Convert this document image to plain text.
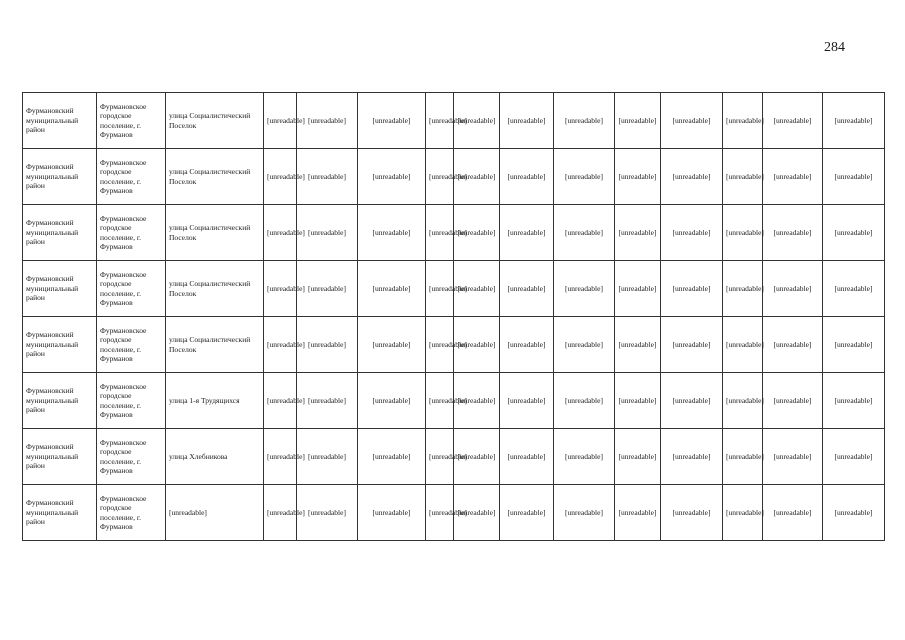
284
Фурмановский муниципальный район	Фурмановское городское поселение, г. Фурманов	улица Социалистический Поселок	[unreadable]	[unreadable]	[unreadable]	[unreadable]	[unreadable]	[unreadable]	[unreadable]	[unreadable]	[unreadable]	[unreadable]	[unreadable]	[unreadable]	
Фурмановский муниципальный район	Фурмановское городское поселение, г. Фурманов	улица Социалистический Поселок	[unreadable]	[unreadable]	[unreadable]	[unreadable]	[unreadable]	[unreadable]	[unreadable]	[unreadable]	[unreadable]	[unreadable]	[unreadable]	[unreadable]	
Фурмановский муниципальный район	Фурмановское городское поселение, г. Фурманов	улица Социалистический Поселок	[unreadable]	[unreadable]	[unreadable]	[unreadable]	[unreadable]	[unreadable]	[unreadable]	[unreadable]	[unreadable]	[unreadable]	[unreadable]	[unreadable]	
Фурмановский муниципальный район	Фурмановское городское поселение, г. Фурманов	улица Социалистический Поселок	[unreadable]	[unreadable]	[unreadable]	[unreadable]	[unreadable]	[unreadable]	[unreadable]	[unreadable]	[unreadable]	[unreadable]	[unreadable]	[unreadable]	
Фурмановский муниципальный район	Фурмановское городское поселение, г. Фурманов	улица Социалистический Поселок	[unreadable]	[unreadable]	[unreadable]	[unreadable]	[unreadable]	[unreadable]	[unreadable]	[unreadable]	[unreadable]	[unreadable]	[unreadable]	[unreadable]	
Фурмановский муниципальный район	Фурмановское городское поселение, г. Фурманов	улица 1-я Трудящихся	[unreadable]	[unreadable]	[unreadable]	[unreadable]	[unreadable]	[unreadable]	[unreadable]	[unreadable]	[unreadable]	[unreadable]	[unreadable]	[unreadable]	
Фурмановский муниципальный район	Фурмановское городское поселение, г. Фурманов	улица Хлебникова	[unreadable]	[unreadable]	[unreadable]	[unreadable]	[unreadable]	[unreadable]	[unreadable]	[unreadable]	[unreadable]	[unreadable]	[unreadable]	[unreadable]	
Фурмановский муниципальный район	Фурмановское городское поселение, г. Фурманов	[unreadable]	[unreadable]	[unreadable]	[unreadable]	[unreadable]	[unreadable]	[unreadable]	[unreadable]	[unreadable]	[unreadable]	[unreadable]	[unreadable]	[unreadable]	
